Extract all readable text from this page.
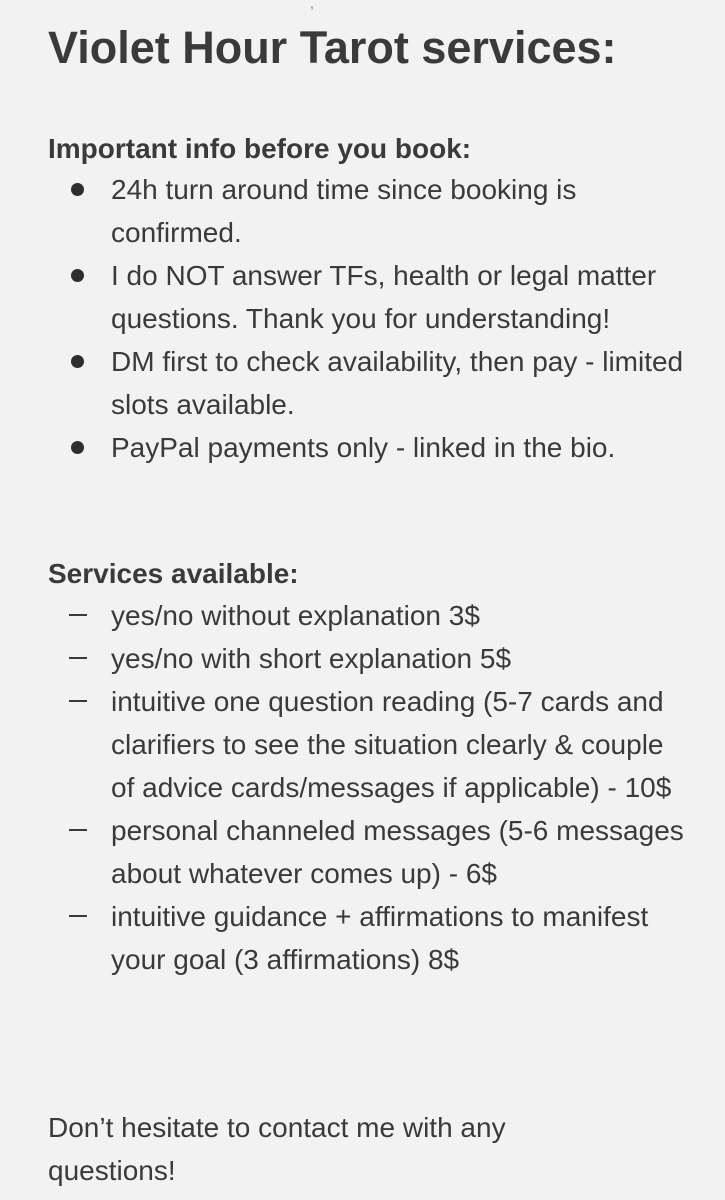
,
Violet Hour Tarot services:
Important info before you book:
24h turn around time since booking is confirmed.
I do NOT answer TFs, health or legal matter questions. Thank you for understanding!
DM first to check availability, then pay - limited slots available.
PayPal payments only - linked in the bio.
Services available:
yes/no without explanation 3$
yes/no with short explanation 5$
intuitive one question reading (5-7 cards and clarifiers to see the situation clearly & couple of advice cards/messages if applicable) - 10$
personal channeled messages (5-6 messages about whatever comes up) - 6$
intuitive guidance + affirmations to manifest your goal (3 affirmations) 8$

Don’t hesitate to contact me with any questions!
